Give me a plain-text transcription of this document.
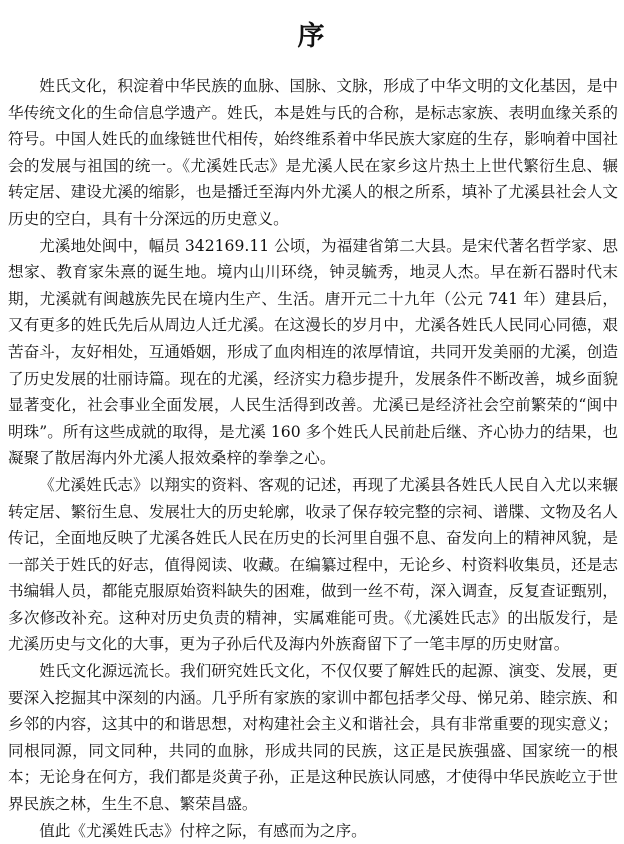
序

姓氏文化，积淀着中华民族的血脉、国脉、文脉，形成了中华文明的文化基因，是中华传统文化的生命信息学遗产。姓氏，本是姓与氏的合称，是标志家族、表明血缘关系的符号。中国人姓氏的血缘链世代相传，始终维系着中华民族大家庭的生存，影响着中国社会的发展与祖国的统一。《尤溪姓氏志》是尤溪人民在家乡这片热土上世代繁衍生息、辗转定居、建设尤溪的缩影，也是播迁至海内外尤溪人的根之所系，填补了尤溪县社会人文历史的空白，具有十分深远的历史意义。

尤溪地处闽中，幅员 342169.11 公顷，为福建省第二大县。是宋代著名哲学家、思想家、教育家朱熹的诞生地。境内山川环绕，钟灵毓秀，地灵人杰。早在新石器时代末期，尤溪就有闽越族先民在境内生产、生活。唐开元二十九年（公元 741 年）建县后，又有更多的姓氏先后从周边人迁尤溪。在这漫长的岁月中，尤溪各姓氏人民同心同德，艰苦奋斗，友好相处，互通婚姻，形成了血肉相连的浓厚情谊，共同开发美丽的尤溪，创造了历史发展的壮丽诗篇。现在的尤溪，经济实力稳步提升，发展条件不断改善，城乡面貌显著变化，社会事业全面发展，人民生活得到改善。尤溪已是经济社会空前繁荣的“闽中明珠”。所有这些成就的取得，是尤溪 160 多个姓氏人民前赴后继、齐心协力的结果，也凝聚了散居海内外尤溪人报效桑梓的拳拳之心。

《尤溪姓氏志》以翔实的资料、客观的记述，再现了尤溪县各姓氏人民自入尤以来辗转定居、繁衍生息、发展壮大的历史轮廓，收录了保存较完整的宗祠、谱牒、文物及名人传记，全面地反映了尤溪各姓氏人民在历史的长河里自强不息、奋发向上的精神风貌，是一部关于姓氏的好志，值得阅读、收藏。在编纂过程中，无论乡、村资料收集员，还是志书编辑人员，都能克服原始资料缺失的困难，做到一丝不苟，深入调查，反复查证甄别，多次修改补充。这种对历史负责的精神，实属难能可贵。《尤溪姓氏志》的出版发行，是尤溪历史与文化的大事，更为子孙后代及海内外族裔留下了一笔丰厚的历史财富。

姓氏文化源远流长。我们研究姓氏文化，不仅仅要了解姓氏的起源、演变、发展，更要深入挖掘其中深刻的内涵。几乎所有家族的家训中都包括孝父母、悌兄弟、睦宗族、和乡邻的内容，这其中的和谐思想，对构建社会主义和谐社会，具有非常重要的现实意义；同根同源，同文同种，共同的血脉，形成共同的民族，这正是民族强盛、国家统一的根本；无论身在何方，我们都是炎黄子孙，正是这种民族认同感，才使得中华民族屹立于世界民族之林，生生不息、繁荣昌盛。

值此《尤溪姓氏志》付梓之际，有感而为之序。
